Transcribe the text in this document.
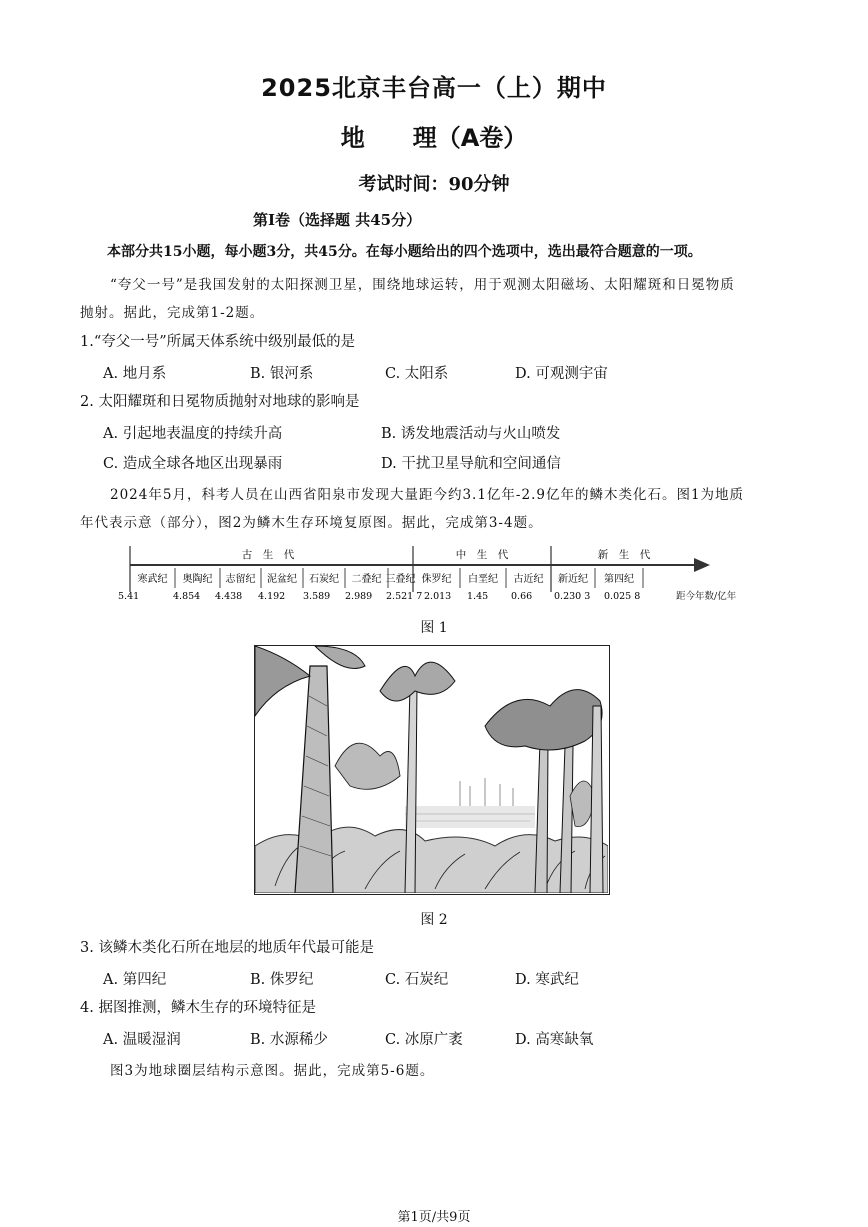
2025北京丰台高一（上）期中
地　　理（A卷）
考试时间：90分钟
第Ⅰ卷（选择题 共45分）
本部分共15小题，每小题3分，共45分。在每小题给出的四个选项中，选出最符合题意的一项。
“夸父一号”是我国发射的太阳探测卫星，围绕地球运转，用于观测太阳磁场、太阳耀斑和日冕物质
抛射。据此，完成第1-2题。
1.“夸父一号”所属天体系统中级别最低的是
A. 地月系	B. 银河系	C. 太阳系	D. 可观测宇宙
2. 太阳耀斑和日冕物质抛射对地球的影响是
A. 引起地表温度的持续升高	B. 诱发地震活动与火山喷发
C. 造成全球各地区出现暴雨	D. 干扰卫星导航和空间通信
2024年5月，科考人员在山西省阳泉市发现大量距今约3.1亿年-2.9亿年的鳞木类化石。图1为地质
年代表示意（部分），图2为鳞木生存环境复原图。据此，完成第3-4题。
古　生　代	中　生　代	新　生　代
寒武纪 奥陶纪 志留纪 泥盆纪 石炭纪 二叠纪 三叠纪 侏罗纪 白垩纪 古近纪 新近纪 第四纪
5.41	4.854 4.438 4.192 3.589 2.989 2.521 7 2.013 1.45 0.66 0.230 3 0.025 8	距今年数/亿年
图 1
图 2
3. 该鳞木类化石所在地层的地质年代最可能是
A. 第四纪	B. 侏罗纪	C. 石炭纪	D. 寒武纪
4. 据图推测，鳞木生存的环境特征是
A. 温暖湿润	B. 水源稀少	C. 冰原广袤	D. 高寒缺氧
图3为地球圈层结构示意图。据此，完成第5-6题。
第1页/共9页
